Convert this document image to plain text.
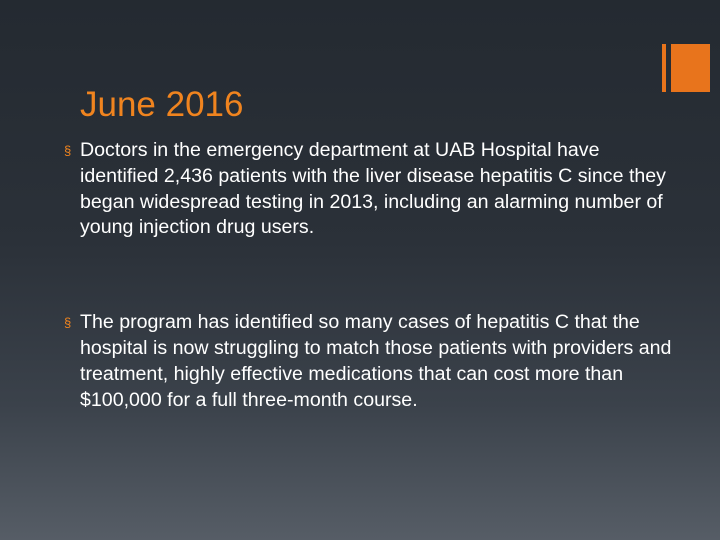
June 2016
§ Doctors in the emergency department at UAB Hospital have identified 2,436 patients with the liver disease hepatitis C since they began widespread testing in 2013, including an alarming number of young injection drug users.
§ The program has identified so many cases of hepatitis C that the hospital is now struggling to match those patients with providers and treatment, highly effective medications that can cost more than $100,000 for a full three-month course.
